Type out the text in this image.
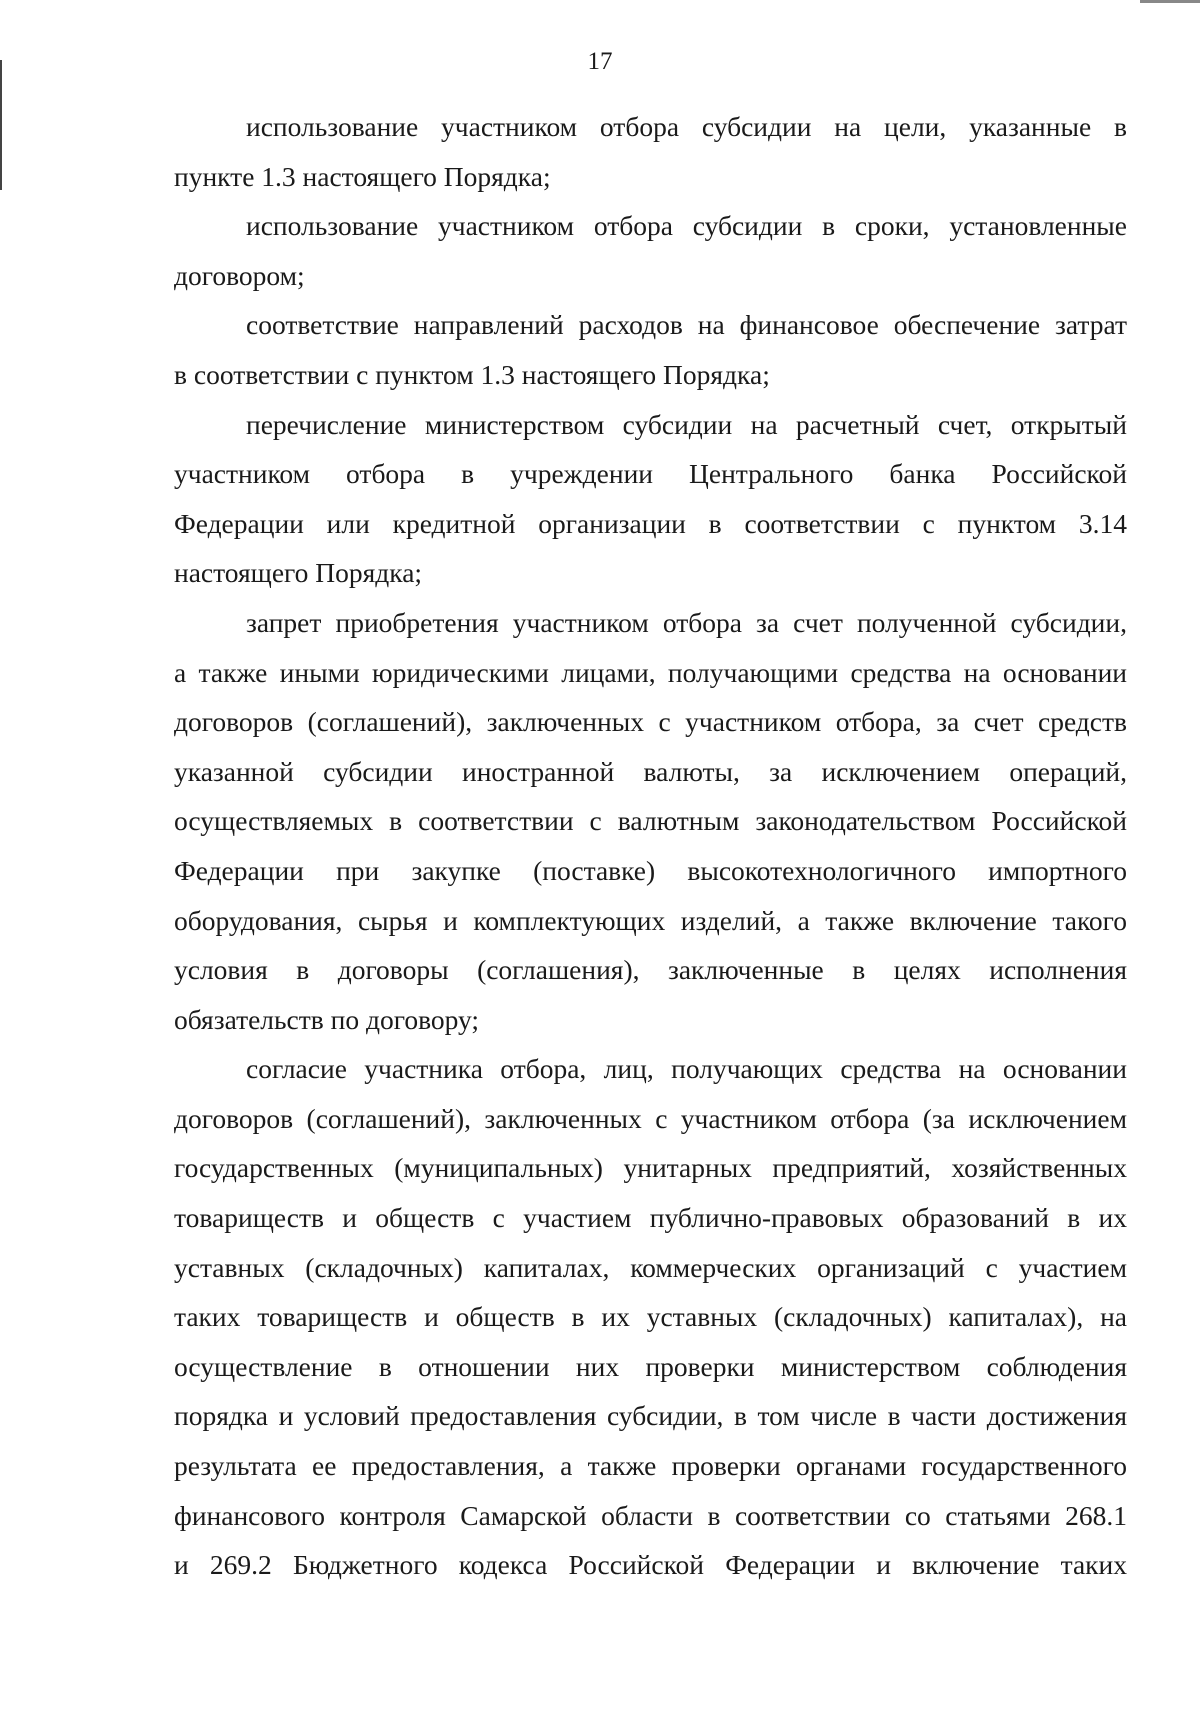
17

использование участником отбора субсидии на цели, указанные в
пункте 1.3 настоящего Порядка;

использование участником отбора субсидии в сроки, установленные
договором;

соответствие направлений расходов на финансовое обеспечение затрат
в соответствии с пунктом 1.3 настоящего Порядка;

перечисление министерством субсидии на расчетный счет, открытый
участником отбора в учреждении Центрального банка Российской
Федерации или кредитной организации в соответствии с пунктом 3.14
настоящего Порядка;

запрет приобретения участником отбора за счет полученной субсидии,
а также иными юридическими лицами, получающими средства на основании
договоров (соглашений), заключенных с участником отбора, за счет средств
указанной субсидии иностранной валюты, за исключением операций,
осуществляемых в соответствии с валютным законодательством Российской
Федерации при закупке (поставке) высокотехнологичного импортного
оборудования, сырья и комплектующих изделий, а также включение такого
условия в договоры (соглашения), заключенные в целях исполнения
обязательств по договору;

согласие участника отбора, лиц, получающих средства на основании
договоров (соглашений), заключенных с участником отбора (за исключением
государственных (муниципальных) унитарных предприятий, хозяйственных
товариществ и обществ с участием публично-правовых образований в их
уставных (складочных) капиталах, коммерческих организаций с участием
таких товариществ и обществ в их уставных (складочных) капиталах), на
осуществление в отношении них проверки министерством соблюдения
порядка и условий предоставления субсидии, в том числе в части достижения
результата ее предоставления, а также проверки органами государственного
финансового контроля Самарской области в соответствии со статьями 268.1
и 269.2 Бюджетного кодекса Российской Федерации и включение таких
